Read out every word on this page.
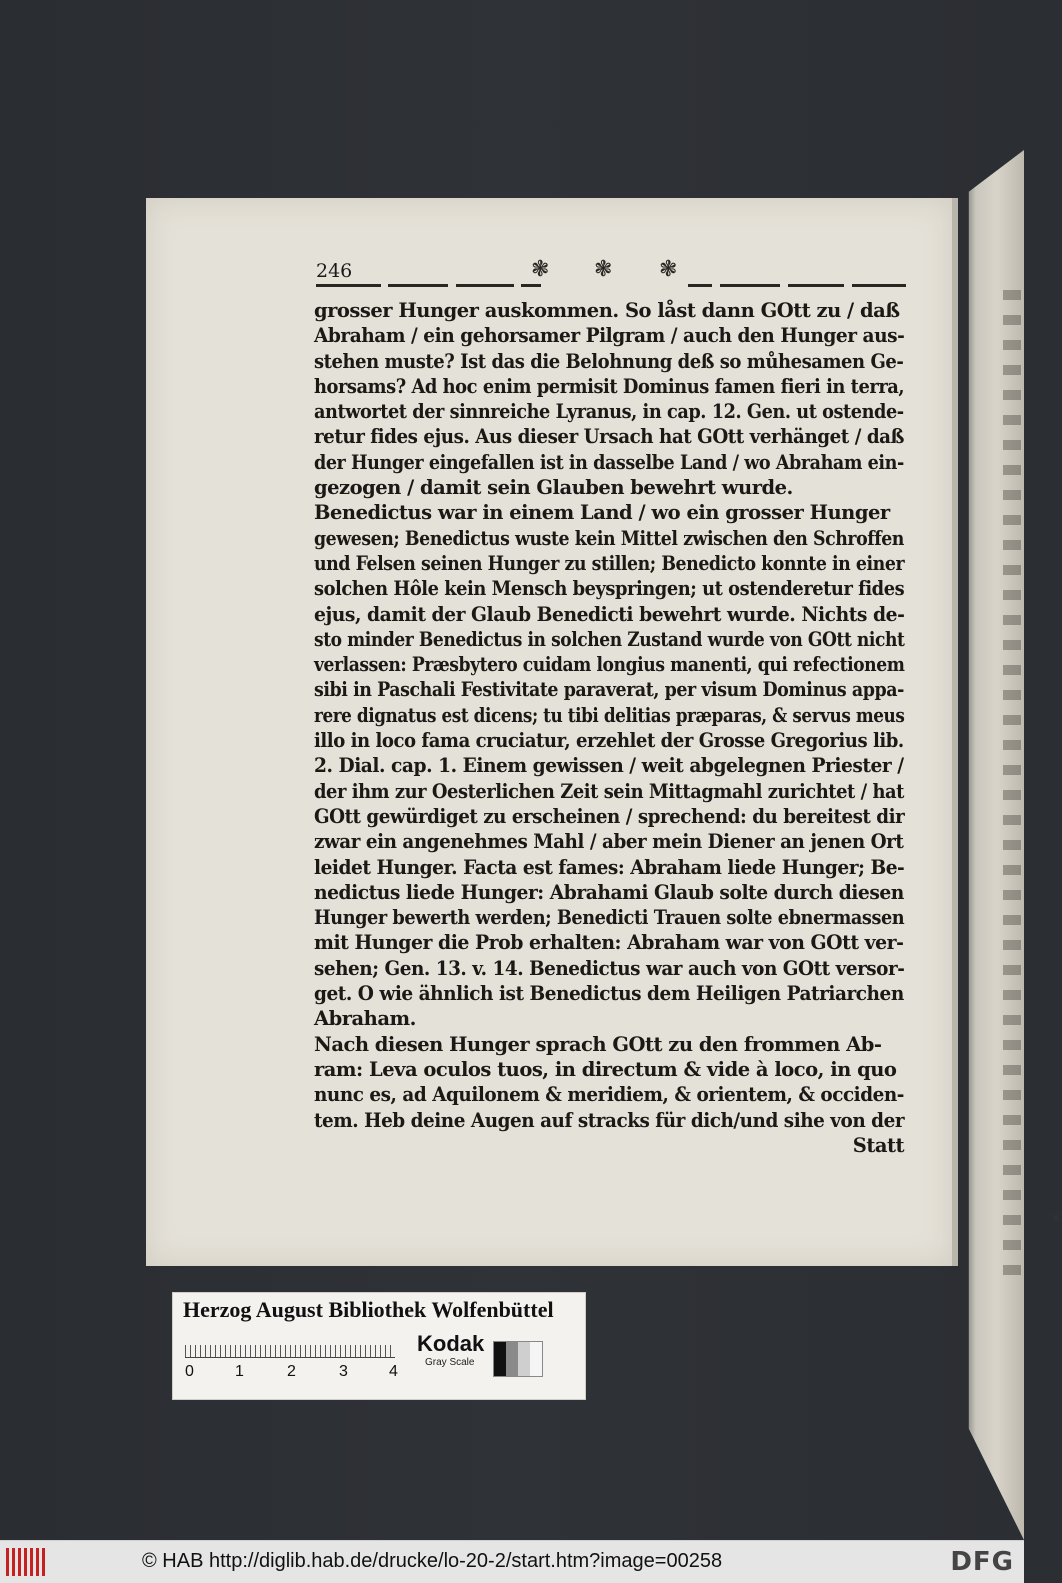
246	❃ ❃ ❃
grosser Hunger auskommen. So låst dann GOtt zu / daß
Abraham / ein gehorsamer Pilgram / auch den Hunger aus-
stehen muste? Ist das die Belohnung deß so můhesamen Ge-
horsams? Ad hoc enim permisit Dominus famen fieri in terra,
antwortet der sinnreiche Lyranus, in cap. 12. Gen. ut ostende-
retur fides ejus. Aus dieser Ursach hat GOtt verhänget / daß
der Hunger eingefallen ist in dasselbe Land / wo Abraham ein-
gezogen / damit sein Glauben bewehrt wurde.
Benedictus war in einem Land / wo ein grosser Hunger
gewesen; Benedictus wuste kein Mittel zwischen den Schroffen
und Felsen seinen Hunger zu stillen; Benedicto konnte in einer
solchen Hôle kein Mensch beyspringen; ut ostenderetur fides
ejus, damit der Glaub Benedicti bewehrt wurde. Nichts de-
sto minder Benedictus in solchen Zustand wurde von GOtt nicht
verlassen: Præsbytero cuidam longius manenti, qui refectionem
sibi in Paschali Festivitate paraverat, per visum Dominus appa-
rere dignatus est dicens; tu tibi delitias præparas, & servus meus
illo in loco fama cruciatur, erzehlet der Grosse Gregorius lib.
2. Dial. cap. 1. Einem gewissen / weit abgelegnen Priester /
der ihm zur Oesterlichen Zeit sein Mittagmahl zurichtet / hat
GOtt gewürdiget zu erscheinen / sprechend: du bereitest dir
zwar ein angenehmes Mahl / aber mein Diener an jenen Ort
leidet Hunger. Facta est fames: Abraham liede Hunger; Be-
nedictus liede Hunger: Abrahami Glaub solte durch diesen
Hunger bewerth werden; Benedicti Trauen solte ebnermassen
mit Hunger die Prob erhalten: Abraham war von GOtt ver-
sehen; Gen. 13. v. 14. Benedictus war auch von GOtt versor-
get. O wie ähnlich ist Benedictus dem Heiligen Patriarchen
Abraham.
Nach diesen Hunger sprach GOtt zu den frommen Ab-
ram: Leva oculos tuos, in directum & vide à loco, in quo
nunc es, ad Aquilonem & meridiem, & orientem, & occiden-
tem. Heb deine Augen auf stracks für dich/und sihe von der
Statt
✕
Herzog August Bibliothek Wolfenbüttel
0	1	2	3	4
Kodak
Gray Scale
© HAB http://diglib.hab.de/drucke/lo-20-2/start.htm?image=00258	DFG
